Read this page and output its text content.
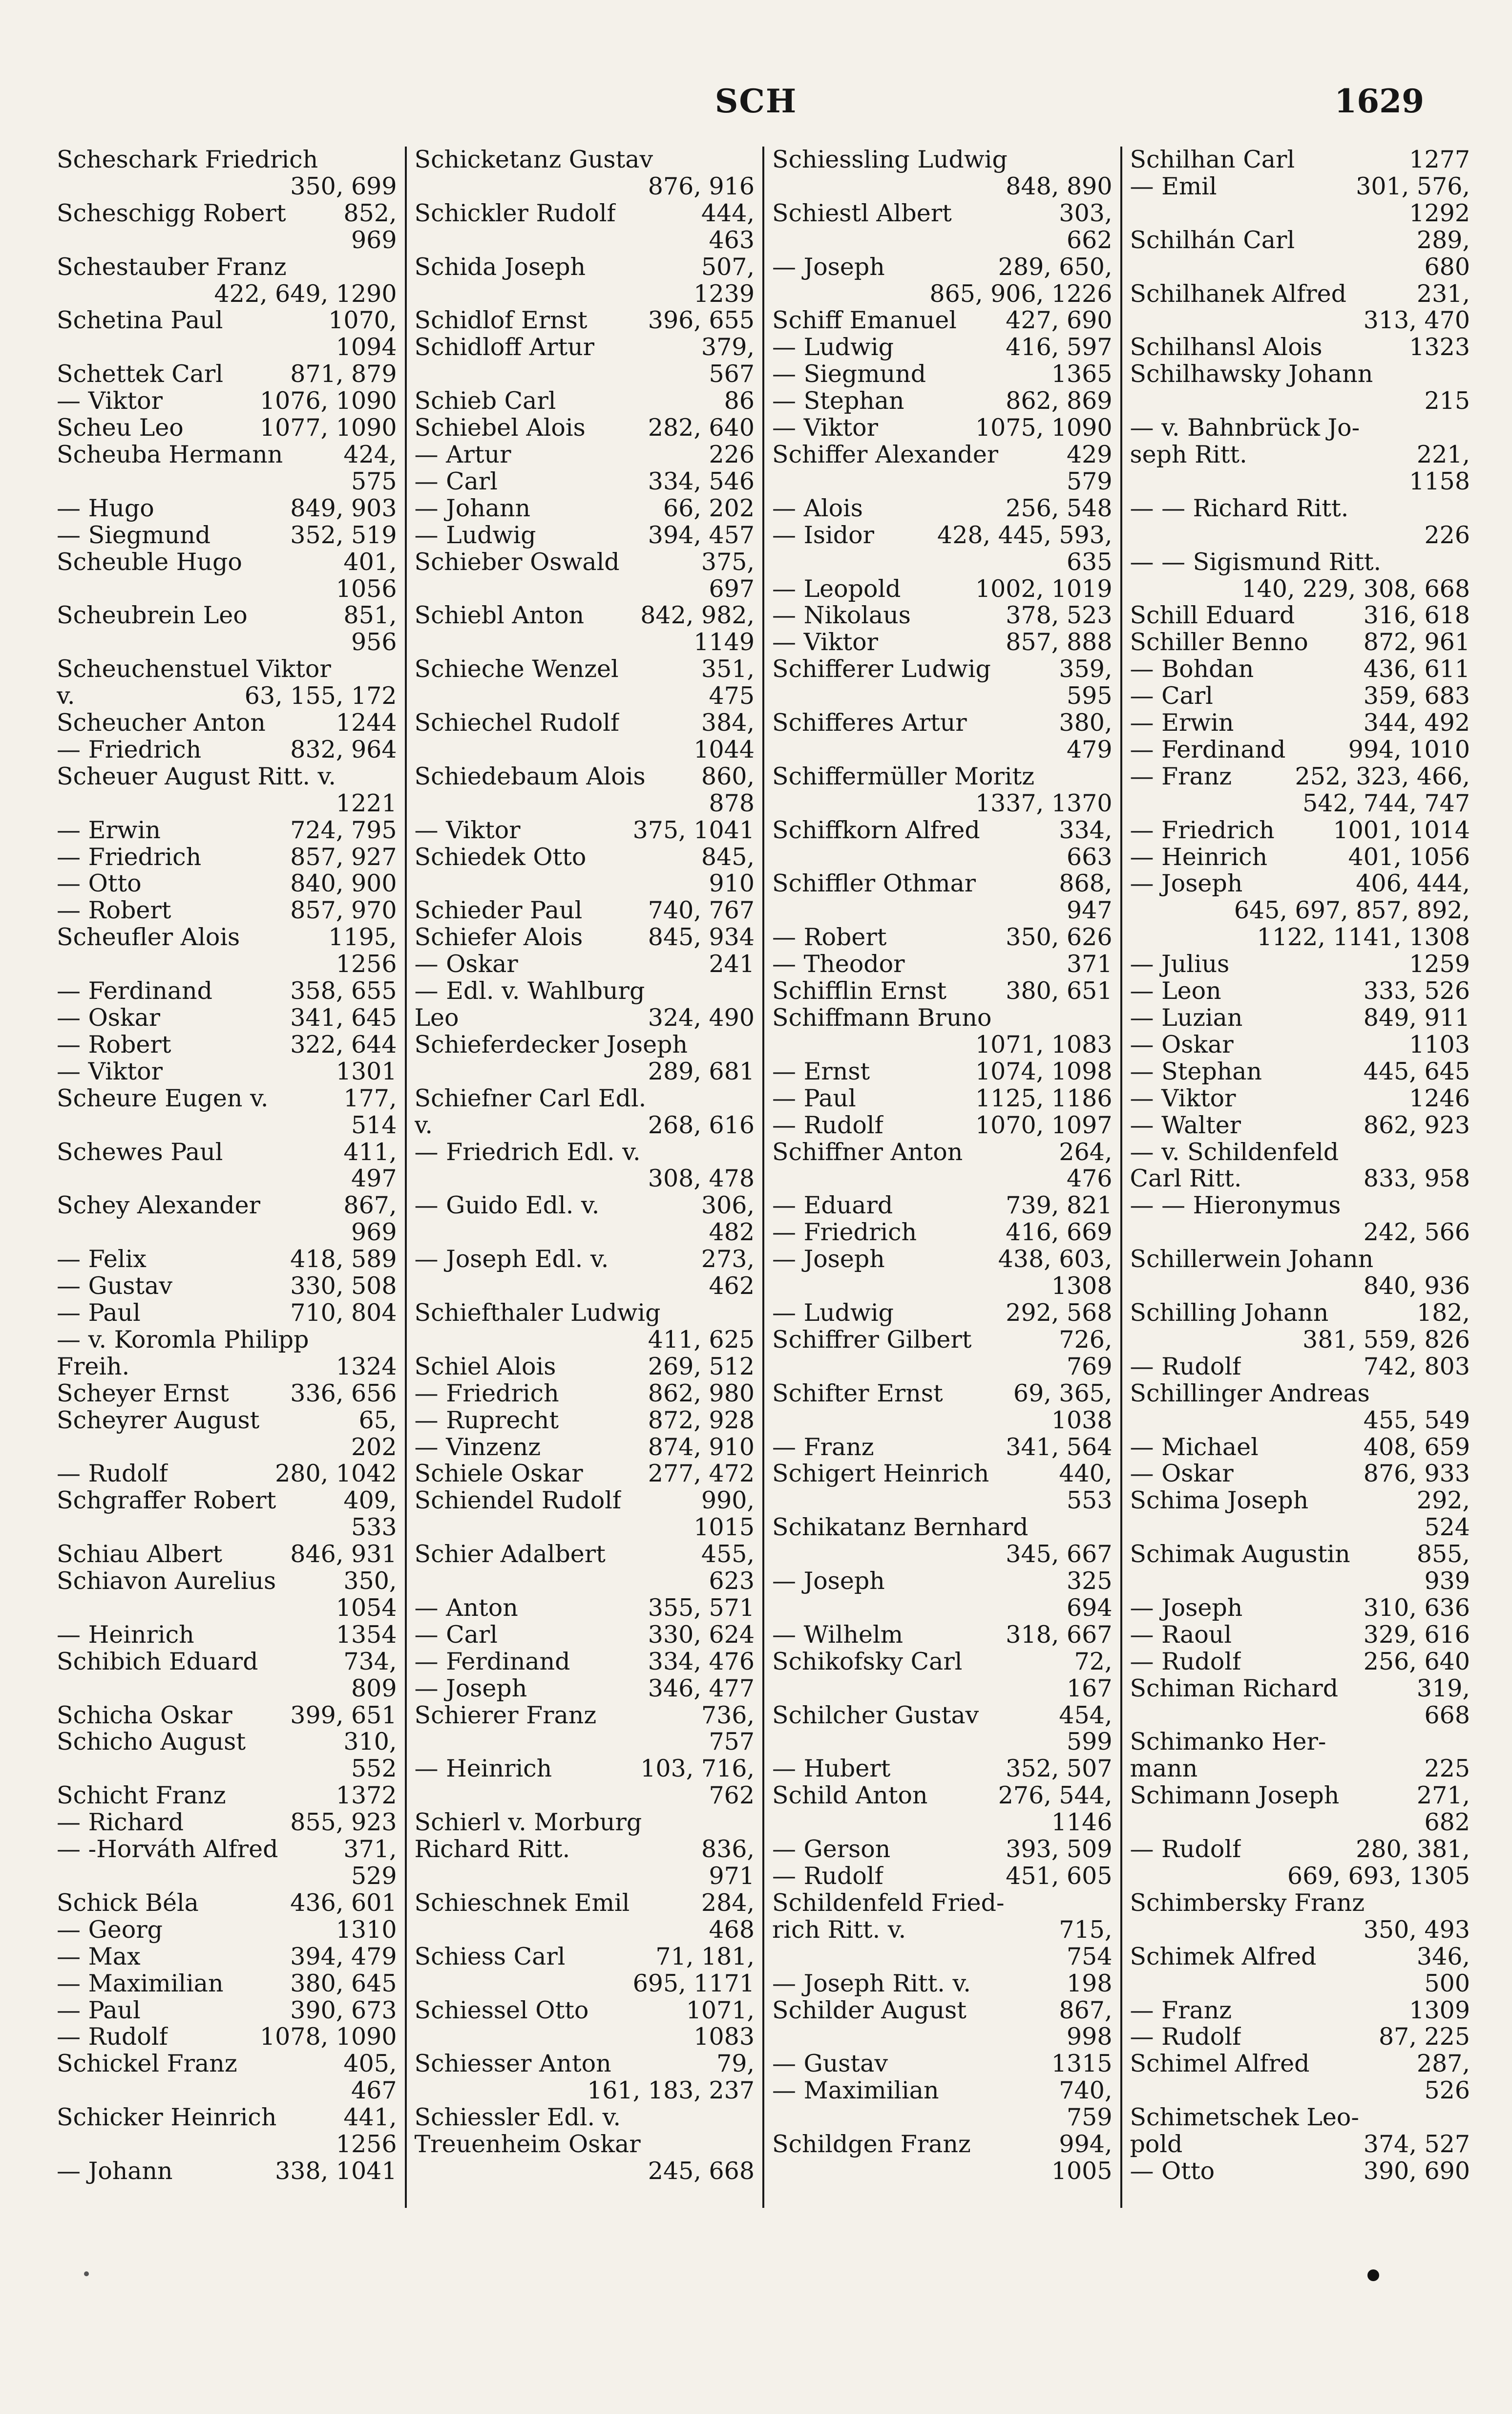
SCH	1629
Scheschark Friedrich
350, 699
Scheschigg Robert 852,
969
Schestauber Franz
422, 649, 1290
Schetina Paul	1070,
1094
Schettek Carl	871, 879
— Viktor	1076, 1090
Scheu Leo	1077, 1090
Scheuba Hermann	424,
575
— Hugo	849, 903
— Siegmund	352, 519
Scheuble Hugo	401,
1056
Scheubrein Leo	851,
956
Scheuchenstuel Viktor
v.	63, 155, 172
Scheucher Anton	1244
— Friedrich	832, 964
Scheuer August Ritt. v.
1221
— Erwin	724, 795
— Friedrich	857, 927
— Otto	840, 900
— Robert	857, 970
Scheufler Alois	1195,
1256
— Ferdinand	358, 655
— Oskar	341, 645
— Robert	322, 644
— Viktor	1301
Scheure Eugen v.	177,
514
Schewes Paul	411,
497
Schey Alexander	867,
969
— Felix	418, 589
— Gustav	330, 508
— Paul	710, 804
— v. Koromla Philipp
Freih.	1324
Scheyer Ernst	336, 656
Scheyrer August	65,
202
— Rudolf	280, 1042
Schgraffer Robert	409,
533
Schiau Albert	846, 931
Schiavon Aurelius	350,
1054
— Heinrich	1354
Schibich Eduard	734,
809
Schicha Oskar 399, 651
Schicho August	310,
552
Schicht Franz	1372
— Richard	855, 923
— -Horváth Alfred	371,
529
Schick Béla	436, 601
— Georg	1310
— Max	394, 479
— Maximilian	380, 645
— Paul	390, 673
— Rudolf	1078, 1090
Schickel Franz	405,
467
Schicker Heinrich	441,
1256
— Johann	338, 1041
Schicketanz Gustav
876, 916
Schickler Rudolf	444,
463
Schida Joseph	507,
1239
Schidlof Ernst	396, 655
Schidloff Artur	379,
567
Schieb Carl	86
Schiebel Alois	282, 640
— Artur	226
— Carl	334, 546
— Johann	66, 202
— Ludwig	394, 457
Schieber Oswald	375,
697
Schiebl Anton 842, 982,
1149
Schieche Wenzel	351,
475
Schiechel Rudolf	384,
1044
Schiedebaum Alois 860,
878
— Viktor	375, 1041
Schiedek Otto	845,
910
Schieder Paul	740, 767
Schiefer Alois	845, 934
— Oskar	241
— Edl. v. Wahlburg
Leo	324, 490
Schieferdecker Joseph
289, 681
Schiefner Carl Edl.
v.	268, 616
— Friedrich Edl. v.
308, 478
— Guido Edl. v.	306,
482
— Joseph Edl. v.	273,
462
Schiefthaler Ludwig
411, 625
Schiel Alois	269, 512
— Friedrich	862, 980
— Ruprecht	872, 928
— Vinzenz	874, 910
Schiele Oskar	277, 472
Schiendel Rudolf	990,
1015
Schier Adalbert	455,
623
— Anton	355, 571
— Carl	330, 624
— Ferdinand	334, 476
— Joseph	346, 477
Schierer Franz	736,
757
— Heinrich	103, 716,
762
Schierl v. Morburg
Richard Ritt.	836,
971
Schieschnek Emil	284,
468
Schiess Carl	71, 181,
695, 1171
Schiessel Otto	1071,
1083
Schiesser Anton	79,
161, 183, 237
Schiessler Edl. v.
Treuenheim Oskar
245, 668
Schiessling Ludwig
848, 890
Schiestl Albert	303,
662
— Joseph	289, 650,
865, 906, 1226
Schiff Emanuel 427, 690
— Ludwig	416, 597
— Siegmund	1365
— Stephan	862, 869
— Viktor	1075, 1090
Schiffer Alexander	429
579
— Alois	256, 548
— Isidor	428, 445, 593,
635
— Leopold	1002, 1019
— Nikolaus	378, 523
— Viktor	857, 888
Schifferer Ludwig	359,
595
Schifferes Artur	380,
479
Schiffermüller Moritz
1337, 1370
Schiffkorn Alfred	334,
663
Schiffler Othmar	868,
947
— Robert	350, 626
— Theodor	371
Schifflin Ernst 380, 651
Schiffmann Bruno
1071, 1083
— Ernst	1074, 1098
— Paul	1125, 1186
— Rudolf	1070, 1097
Schiffner Anton	264,
476
— Eduard	739, 821
— Friedrich	416, 669
— Joseph	438, 603,
1308
— Ludwig	292, 568
Schiffrer Gilbert	726,
769
Schifter Ernst	69, 365,
1038
— Franz	341, 564
Schigert Heinrich	440,
553
Schikatanz Bernhard
345, 667
— Joseph	325
694
— Wilhelm	318, 667
Schikofsky Carl	72,
167
Schilcher Gustav	454,
599
— Hubert	352, 507
Schild Anton	276, 544,
1146
— Gerson	393, 509
— Rudolf	451, 605
Schildenfeld Fried-
rich Ritt. v.	715,
754
— Joseph Ritt. v.	198
Schilder August	867,
998
— Gustav	1315
— Maximilian	740,
759
Schildgen Franz	994,
1005
Schilhan Carl	1277
— Emil	301, 576,
1292
Schilhán Carl	289,
680
Schilhanek Alfred	231,
313, 470
Schilhansl Alois	1323
Schilhawsky Johann
215
— v. Bahnbrück Jo-
seph Ritt.	221,
1158
— — Richard Ritt.
226
— — Sigismund Ritt.
140, 229, 308, 668
Schill Eduard	316, 618
Schiller Benno 872, 961
— Bohdan	436, 611
— Carl	359, 683
— Erwin	344, 492
— Ferdinand	994, 1010
— Franz	252, 323, 466,
542, 744, 747
— Friedrich 1001, 1014
— Heinrich	401, 1056
— Joseph	406, 444,
645, 697, 857, 892,
1122, 1141, 1308
— Julius	1259
— Leon	333, 526
— Luzian	849, 911
— Oskar	1103
— Stephan	445, 645
— Viktor	1246
— Walter	862, 923
— v. Schildenfeld
Carl Ritt.	833, 958
— — Hieronymus
242, 566
Schillerwein Johann
840, 936
Schilling Johann	182,
381, 559, 826
— Rudolf	742, 803
Schillinger Andreas
455, 549
— Michael	408, 659
— Oskar	876, 933
Schima Joseph	292,
524
Schimak Augustin	855,
939
— Joseph	310, 636
— Raoul	329, 616
— Rudolf	256, 640
Schiman Richard	319,
668
Schimanko Her-
mann	225
Schimann Joseph	271,
682
— Rudolf	280, 381,
669, 693, 1305
Schimbersky Franz
350, 493
Schimek Alfred	346,
500
— Franz	1309
— Rudolf	87, 225
Schimel Alfred	287,
526
Schimetschek Leo-
pold	374, 527
— Otto	390, 690
